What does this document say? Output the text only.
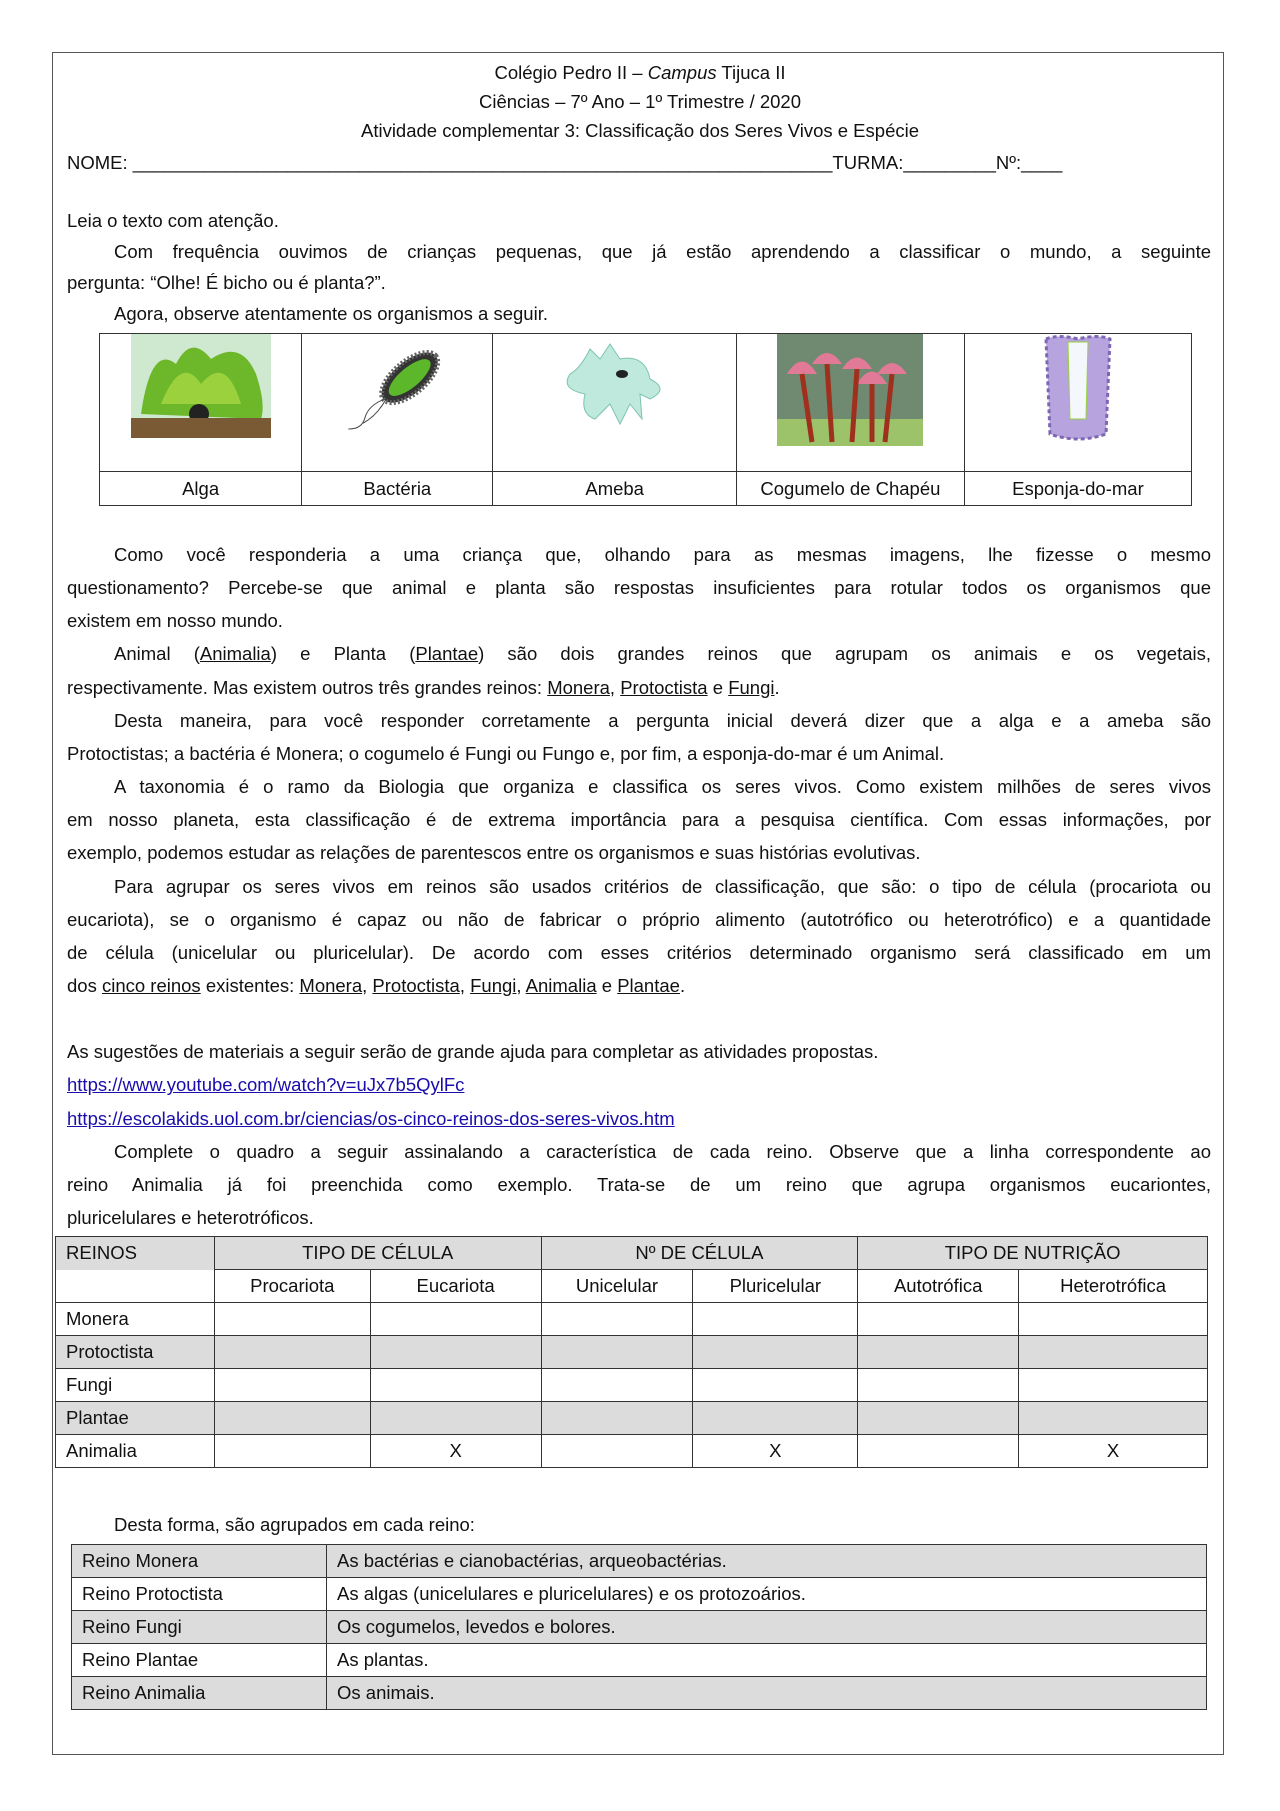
Colégio Pedro II – Campus Tijuca II
Ciências – 7º Ano – 1º Trimestre / 2020
Atividade complementar 3: Classificação dos Seres Vivos e Espécie
NOME: ____________________________________________________________________TURMA:_________Nº:____
Leia o texto com atenção.
Com frequência ouvimos de crianças pequenas, que já estão aprendendo a classificar o mundo, a seguinte
pergunta: “Olhe! É bicho ou é planta?”.
Agora, observe atentamente os organismos a seguir.

Alga	Bactéria	Ameba	Cogumelo de Chapéu	Esponja-do-mar
Como você responderia a uma criança que, olhando para as mesmas imagens, lhe fizesse o mesmo
questionamento? Percebe-se que animal e planta são respostas insuficientes para rotular todos os organismos que
existem em nosso mundo.
Animal (Animalia) e Planta (Plantae) são dois grandes reinos que agrupam os animais e os vegetais,
respectivamente. Mas existem outros três grandes reinos: Monera, Protoctista e Fungi.
Desta maneira, para você responder corretamente a pergunta inicial deverá dizer que a alga e a ameba são
Protoctistas; a bactéria é Monera; o cogumelo é Fungi ou Fungo e, por fim, a esponja-do-mar é um Animal.
A taxonomia é o ramo da Biologia que organiza e classifica os seres vivos. Como existem milhões de seres vivos
em nosso planeta, esta classificação é de extrema importância para a pesquisa científica. Com essas informações, por
exemplo, podemos estudar as relações de parentescos entre os organismos e suas histórias evolutivas.
Para agrupar os seres vivos em reinos são usados critérios de classificação, que são: o tipo de célula (procariota ou
eucariota), se o organismo é capaz ou não de fabricar o próprio alimento (autotrófico ou heterotrófico) e a quantidade
de célula (unicelular ou pluricelular). De acordo com esses critérios determinado organismo será classificado em um
dos cinco reinos existentes: Monera, Protoctista, Fungi, Animalia e Plantae.
As sugestões de materiais a seguir serão de grande ajuda para completar as atividades propostas.
https://www.youtube.com/watch?v=uJx7b5QylFc
https://escolakids.uol.com.br/ciencias/os-cinco-reinos-dos-seres-vivos.htm
Complete o quadro a seguir assinalando a característica de cada reino. Observe que a linha correspondente ao
reino Animalia já foi preenchida como exemplo. Trata-se de um reino que agrupa organismos eucariontes,
pluricelulares e heterotróficos.
REINOS	TIPO DE CÉLULA		Nº DE CÉLULA		TIPO DE NUTRIÇÃO	
	Procariota	Eucariota	Unicelular	Pluricelular	Autotrófica	Heterotrófica
Monera						
Protoctista						
Fungi						
Plantae						
Animalia		X		X		X
Desta forma, são agrupados em cada reino:
Reino Monera	As bactérias e cianobactérias, arqueobactérias.
Reino Protoctista	As algas (unicelulares e pluricelulares) e os protozoários.
Reino Fungi	Os cogumelos, levedos e bolores.
Reino Plantae	As plantas.
Reino Animalia	Os animais.
